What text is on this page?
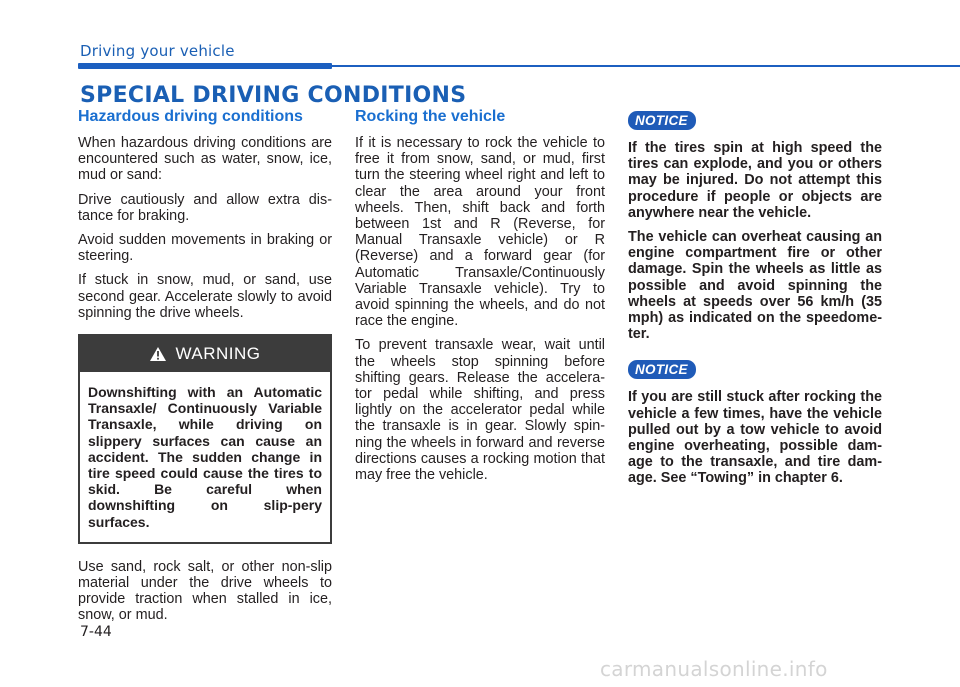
Driving your vehicle
SPECIAL DRIVING CONDITIONS
Hazardous driving conditions

When hazardous driving conditions are encountered such as water, snow, ice, mud or sand:

Drive cautiously and allow extra dis-tance for braking.

Avoid sudden movements in braking or steering.

If stuck in snow, mud, or sand, use second gear. Accelerate slowly to avoid spinning the drive wheels.

WARNING
Downshifting with an Automatic Transaxle/ Continuously Variable Transaxle, while driving on slippery surfaces can cause an accident. The sudden change in tire speed could cause the tires to skid. Be careful when downshifting on slip-pery surfaces.

Use sand, rock salt, or other non-slip material under the drive wheels to provide traction when stalled in ice, snow, or mud.

Rocking the vehicle

If it is necessary to rock the vehicle to free it from snow, sand, or mud, first turn the steering wheel right and left to clear the area around your front wheels. Then, shift back and forth between 1st and R (Reverse, for Manual Transaxle vehicle) or R (Reverse) and a forward gear (for Automatic Transaxle/Continuously Variable Transaxle vehicle). Try to avoid spinning the wheels, and do not race the engine.

To prevent transaxle wear, wait until the wheels stop spinning before shifting gears. Release the accelera-tor pedal while shifting, and press lightly on the accelerator pedal while the transaxle is in gear. Slowly spin-ning the wheels in forward and reverse directions causes a rocking motion that may free the vehicle.

NOTICE

If the tires spin at high speed the tires can explode, and you or others may be injured. Do not attempt this procedure if people or objects are anywhere near the vehicle.

The vehicle can overheat causing an engine compartment fire or other damage. Spin the wheels as little as possible and avoid spinning the wheels at speeds over 56 km/h (35 mph) as indicated on the speedome-ter.

NOTICE

If you are still stuck after rocking the vehicle a few times, have the vehicle pulled out by a tow vehicle to avoid engine overheating, possible dam-age to the transaxle, and tire dam-age. See “Towing” in chapter 6.

7-44
carmanualsonline.info
